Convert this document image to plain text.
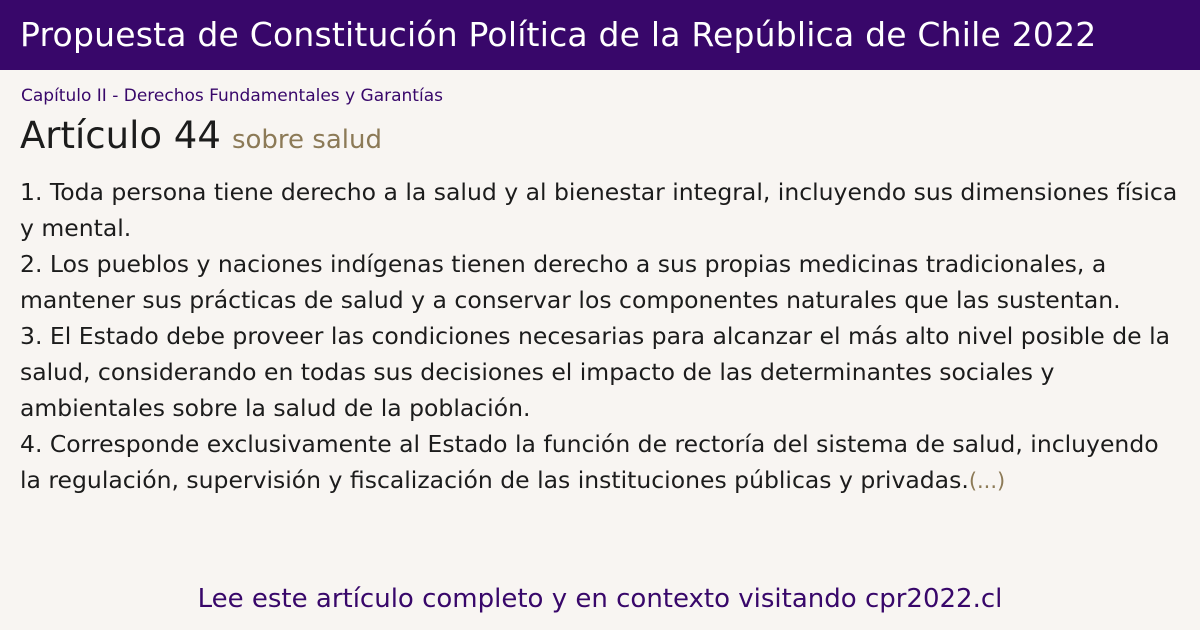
Propuesta de Constitución Política de la República de Chile 2022
Capítulo II - Derechos Fundamentales y Garantías
Artículo 44 sobre salud

1. Toda persona tiene derecho a la salud y al bienestar integral, incluyendo sus dimensiones física y mental.

2. Los pueblos y naciones indígenas tienen derecho a sus propias medicinas tradicionales, a mantener sus prácticas de salud y a conservar los componentes naturales que las sustentan.

3. El Estado debe proveer las condiciones necesarias para alcanzar el más alto nivel posible de la salud, considerando en todas sus decisiones el impacto de las determinantes sociales y ambientales sobre la salud de la población.

4. Corresponde exclusivamente al Estado la función de rectoría del sistema de salud, incluyendo la regulación, supervisión y fiscalización de las instituciones públicas y privadas.(...)

Lee este artículo completo y en contexto visitando cpr2022.cl
